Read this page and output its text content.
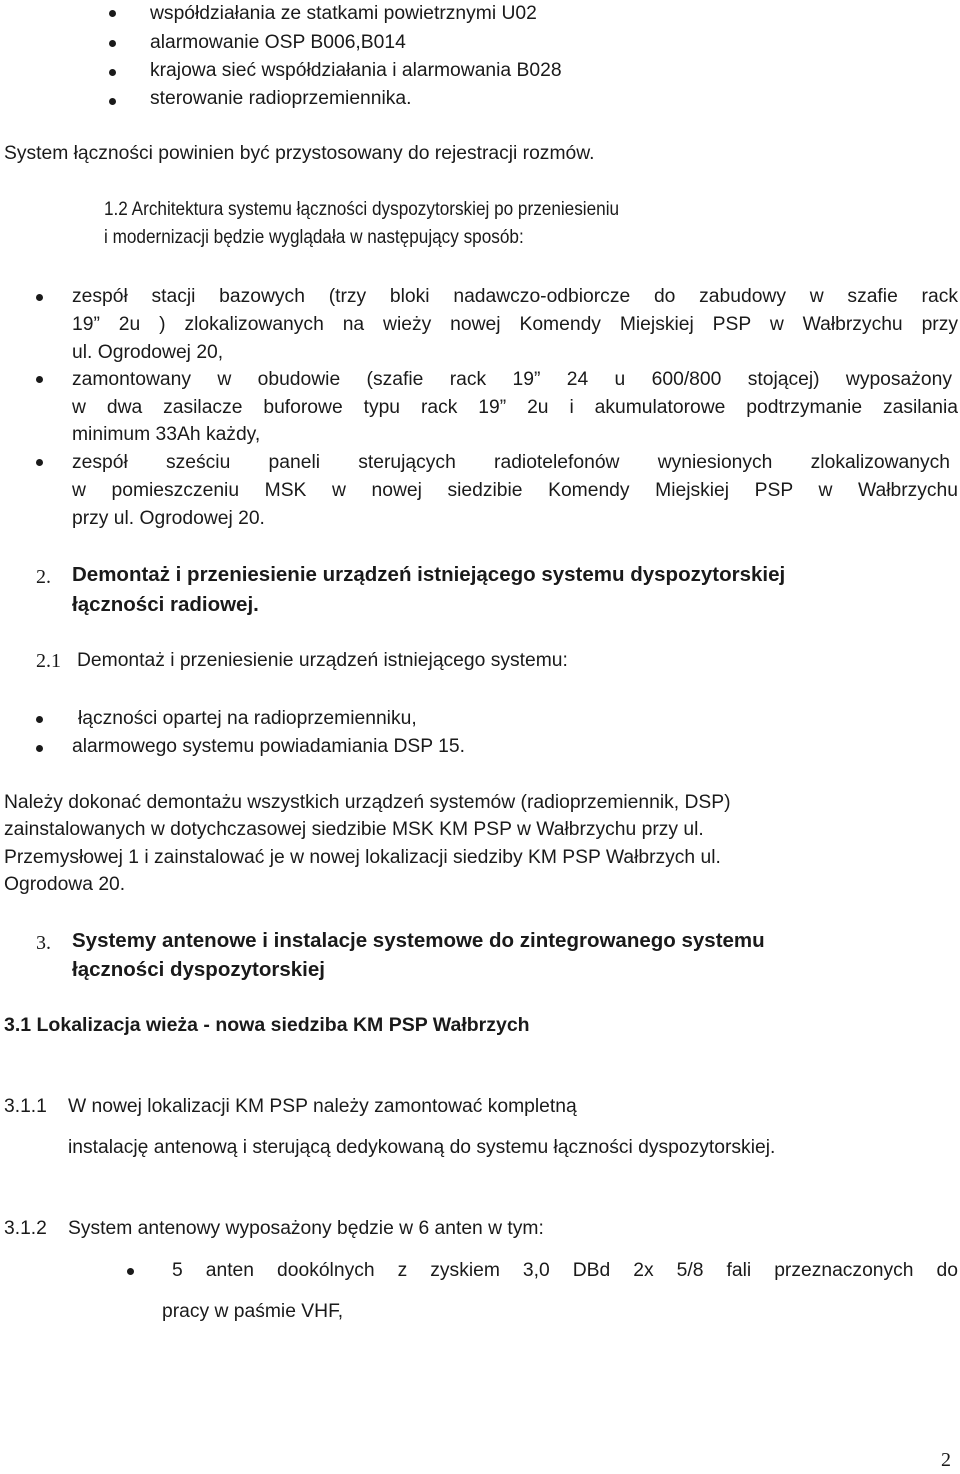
współdziałania ze statkami powietrznymi U02

alarmowanie OSP B006,B014

krajowa sieć współdziałania i alarmowania B028

sterowanie radioprzemiennika.

System łączności powinien być przystosowany do rejestracji rozmów.

1.2 Architektura systemu łączności dyspozytorskiej po przeniesieniu

i modernizacji będzie wyglądała w następujący sposób:

zespół stacji bazowych (trzy bloki nadawczo-odbiorcze do zabudowy w szafie rack

19” 2u ) zlokalizowanych na wieży nowej Komendy Miejskiej PSP w Wałbrzychu przy

ul. Ogrodowej 20,

zamontowany w obudowie (szafie rack 19” 24 u 600/800 stojącej) wyposażony

w dwa zasilacze buforowe typu rack 19” 2u i akumulatorowe podtrzymanie zasilania

minimum 33Ah każdy,

zespół sześciu paneli sterujących radiotelefonów wyniesionych zlokalizowanych

w pomieszczeniu MSK w nowej siedzibie Komendy Miejskiej PSP w Wałbrzychu

przy ul. Ogrodowej 20.

2. Demontaż i przeniesienie urządzeń istniejącego systemu dyspozytorskiej

łączności radiowej.

2.1 Demontaż i przeniesienie urządzeń istniejącego systemu:

łączności opartej na radioprzemienniku,

alarmowego systemu powiadamiania DSP 15.

Należy dokonać demontażu wszystkich urządzeń systemów (radioprzemiennik, DSP)

zainstalowanych w dotychczasowej siedzibie MSK KM PSP w Wałbrzychu przy ul.

Przemysłowej 1 i zainstalować je w nowej lokalizacji siedziby KM PSP Wałbrzych ul.

Ogrodowa 20.

3. Systemy antenowe i instalacje systemowe do zintegrowanego systemu

łączności dyspozytorskiej

3.1 Lokalizacja wieża - nowa siedziba KM PSP Wałbrzych

3.1.1 W nowej lokalizacji KM PSP należy zamontować kompletną

instalację antenową i sterującą dedykowaną do systemu łączności dyspozytorskiej.

3.1.2 System antenowy wyposażony będzie w 6 anten w tym:

5 anten dookólnych z zyskiem 3,0 DBd 2x 5/8 fali przeznaczonych do

pracy w paśmie VHF,

2
